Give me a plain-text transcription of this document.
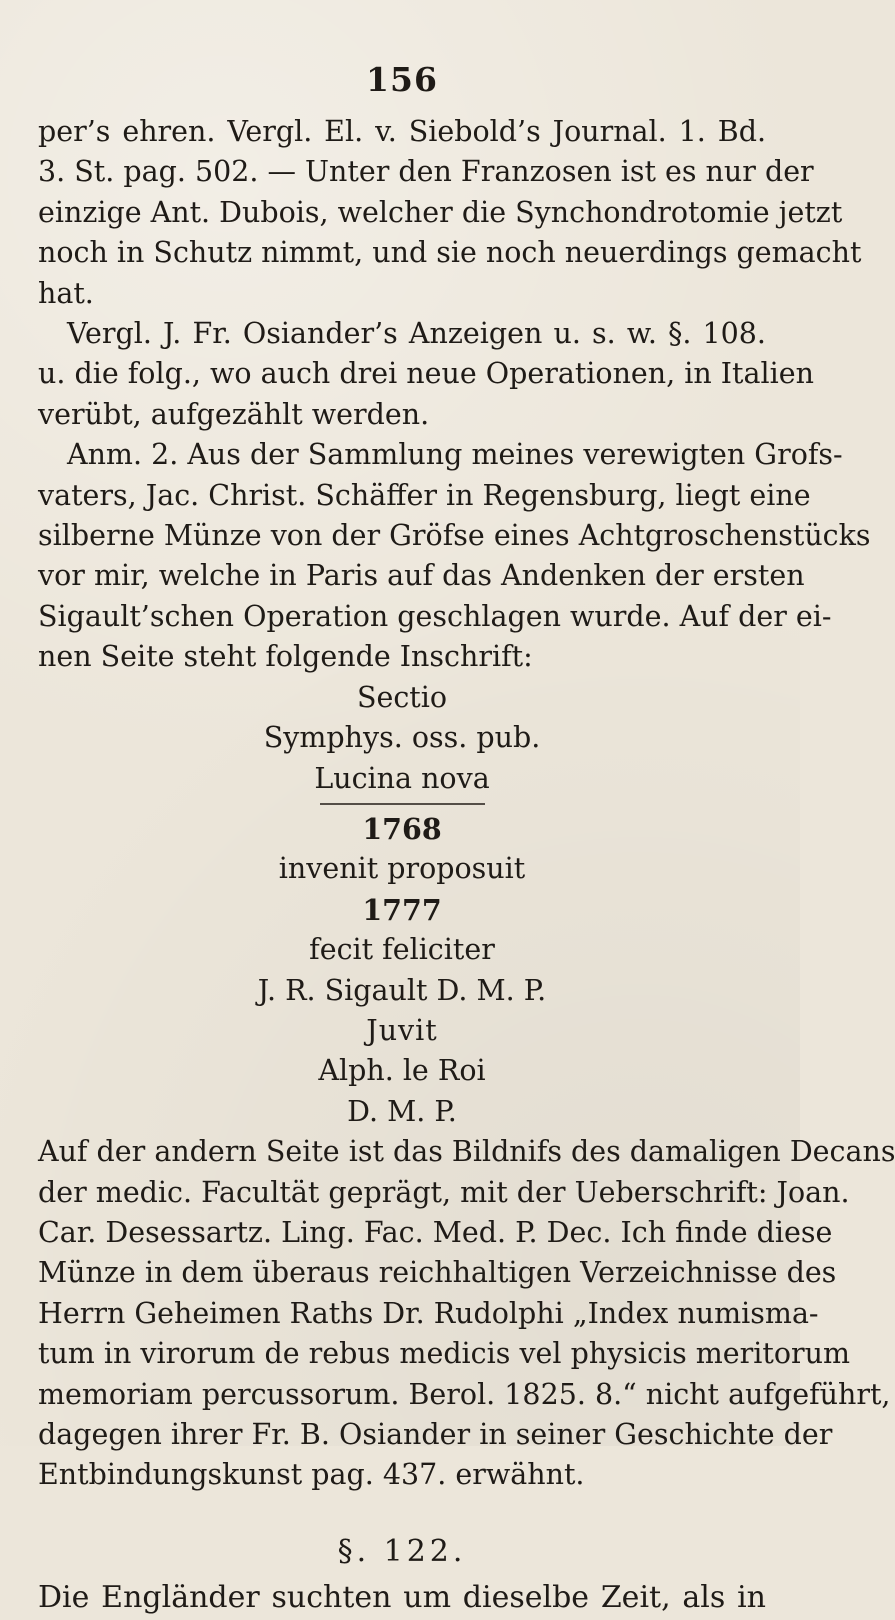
156
per’s ehren. Vergl. El. v. Siebold’s Journal. 1. Bd.
3. St. pag. 502. — Unter den Franzosen ist es nur der
einzige Ant. Dubois, welcher die Synchondrotomie jetzt
noch in Schutz nimmt, und sie noch neuerdings gemacht
hat.
Vergl. J. Fr. Osiander’s Anzeigen u. s. w. §. 108.
u. die folg., wo auch drei neue Operationen, in Italien
verübt, aufgezählt werden.
Anm. 2. Aus der Sammlung meines verewigten Grofs-
vaters, Jac. Christ. Schäffer in Regensburg, liegt eine
silberne Münze von der Gröfse eines Achtgroschenstücks
vor mir, welche in Paris auf das Andenken der ersten
Sigault’schen Operation geschlagen wurde. Auf der ei-
nen Seite steht folgende Inschrift:
Sectio
Symphys. oss. pub.
Lucina nova
1768
invenit proposuit
1777
fecit feliciter
J. R. Sigault D. M. P.
Juvit
Alph. le Roi
D. M. P.
Auf der andern Seite ist das Bildnifs des damaligen Decans
der medic. Facultät geprägt, mit der Ueberschrift: Joan.
Car. Desessartz. Ling. Fac. Med. P. Dec. Ich finde diese
Münze in dem überaus reichhaltigen Verzeichnisse des
Herrn Geheimen Raths Dr. Rudolphi „Index numisma-
tum in virorum de rebus medicis vel physicis meritorum
memoriam percussorum. Berol. 1825. 8.“ nicht aufgeführt,
dagegen ihrer Fr. B. Osiander in seiner Geschichte der
Entbindungskunst pag. 437. erwähnt.
§. 122.
Die Engländer suchten um dieselbe Zeit, als in
